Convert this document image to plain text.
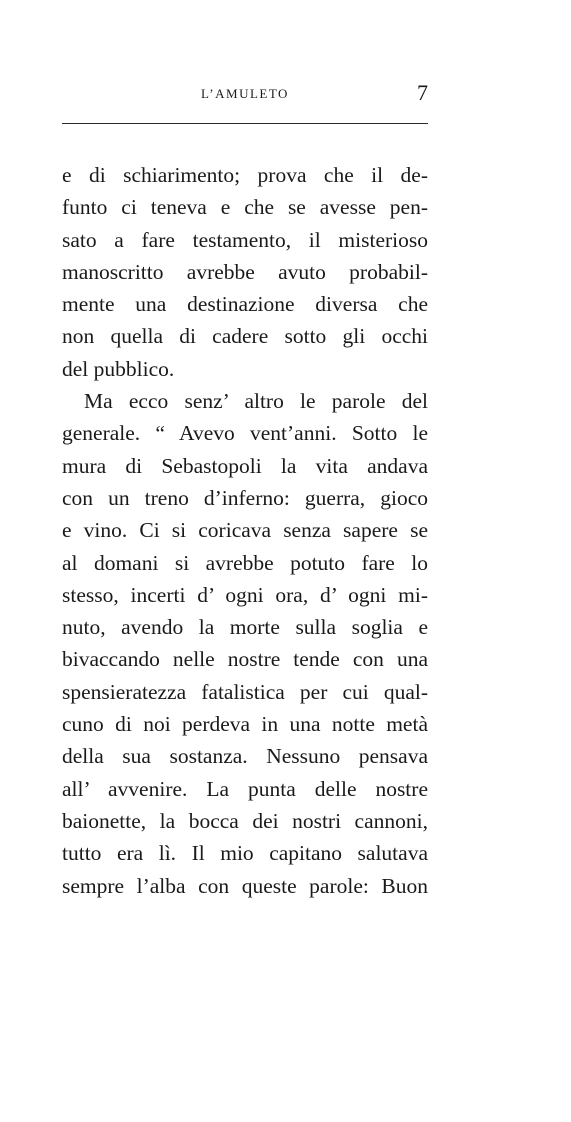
L’AMULETO	7
e di schiarimento; prova che il de-
funto ci teneva e che se avesse pen-
sato a fare testamento, il misterioso
manoscritto avrebbe avuto probabil-
mente una destinazione diversa che
non quella di cadere sotto gli occhi
del pubblico.
Ma ecco senz’ altro le parole del
generale. “ Avevo vent’anni. Sotto le
mura di Sebastopoli la vita andava
con un treno d’inferno: guerra, gioco
e vino. Ci si coricava senza sapere se
al domani si avrebbe potuto fare lo
stesso, incerti d’ ogni ora, d’ ogni mi-
nuto, avendo la morte sulla soglia e
bivaccando nelle nostre tende con una
spensieratezza fatalistica per cui qual-
cuno di noi perdeva in una notte metà
della sua sostanza. Nessuno pensava
all’ avvenire. La punta delle nostre
baionette, la bocca dei nostri cannoni,
tutto era lì. Il mio capitano salutava
sempre l’alba con queste parole: Buon
